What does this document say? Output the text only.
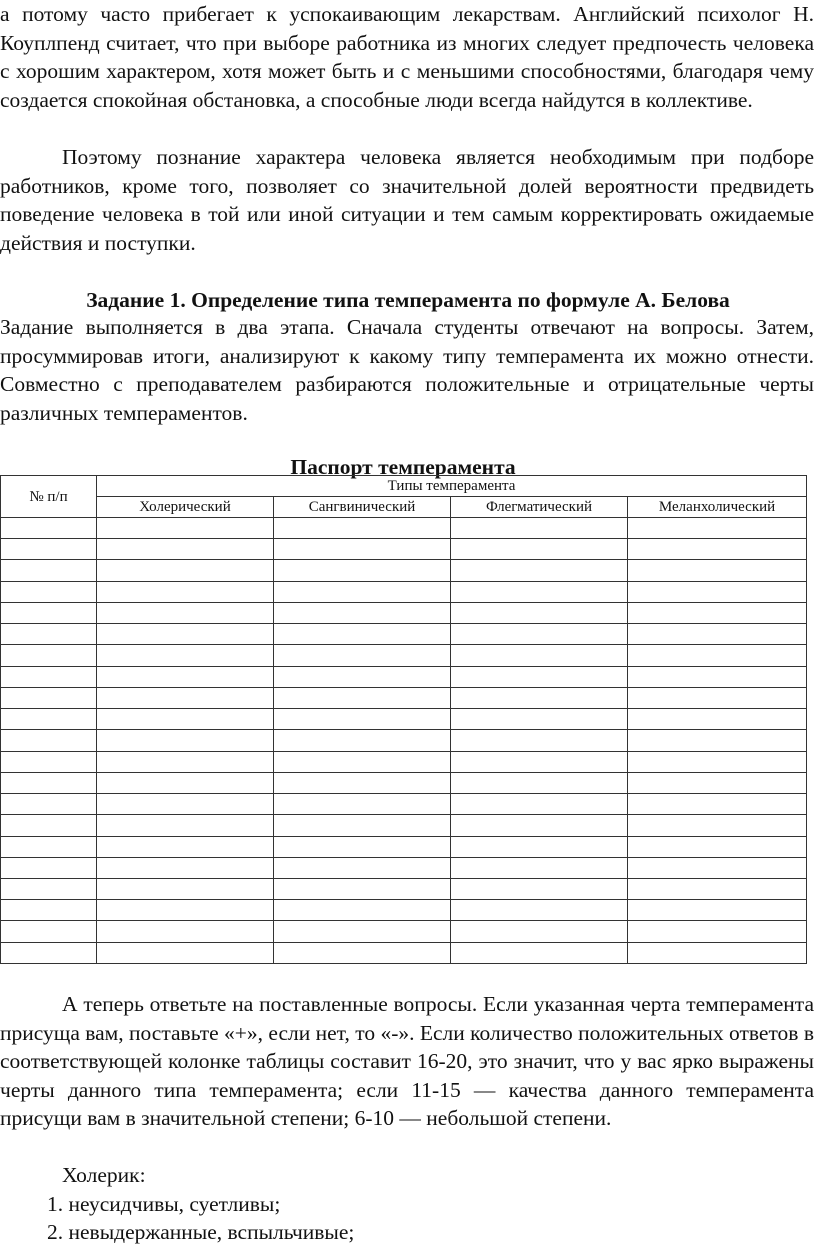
а потому часто прибегает к успокаивающим лекарствам. Английский психолог Н. Коуплпенд считает, что при выборе работника из многих следует предпочесть человека с хорошим характером, хотя может быть и с меньшими способностями, благодаря чему создается спокойная обстановка, а способные люди всегда найдутся в коллективе.

Поэтому познание характера человека является необходимым при подборе работников, кроме того, позволяет со значительной долей вероятности предвидеть поведение человека в той или иной ситуации и тем самым корректировать ожидаемые действия и поступки.

Задание 1. Определение типа темперамента по формуле А. Белова

Задание выполняется в два этапа. Сначала студенты отвечают на вопросы. Затем, просуммировав итоги, анализируют к какому типу темперамента их можно отнести. Совместно с преподавателем разбираются положительные и отрицательные черты различных темпераментов.

Паспорт темперамента

№ п/п	Типы темперамента			
	Холерический	Сангвинический	Флегматический	Меланхолический

А теперь ответьте на поставленные вопросы. Если указанная черта темперамента присуща вам, поставьте «+», если нет, то «-». Если количество положительных ответов в соответствующей колонке таблицы составит 16-20, это значит, что у вас ярко выражены черты данного типа темперамента; если 11-15 — качества данного темперамента присущи вам в значительной степени; 6-10 — небольшой степени.

Холерик:

1. неусидчивы, суетливы;

2. невыдержанные, вспыльчивые;
